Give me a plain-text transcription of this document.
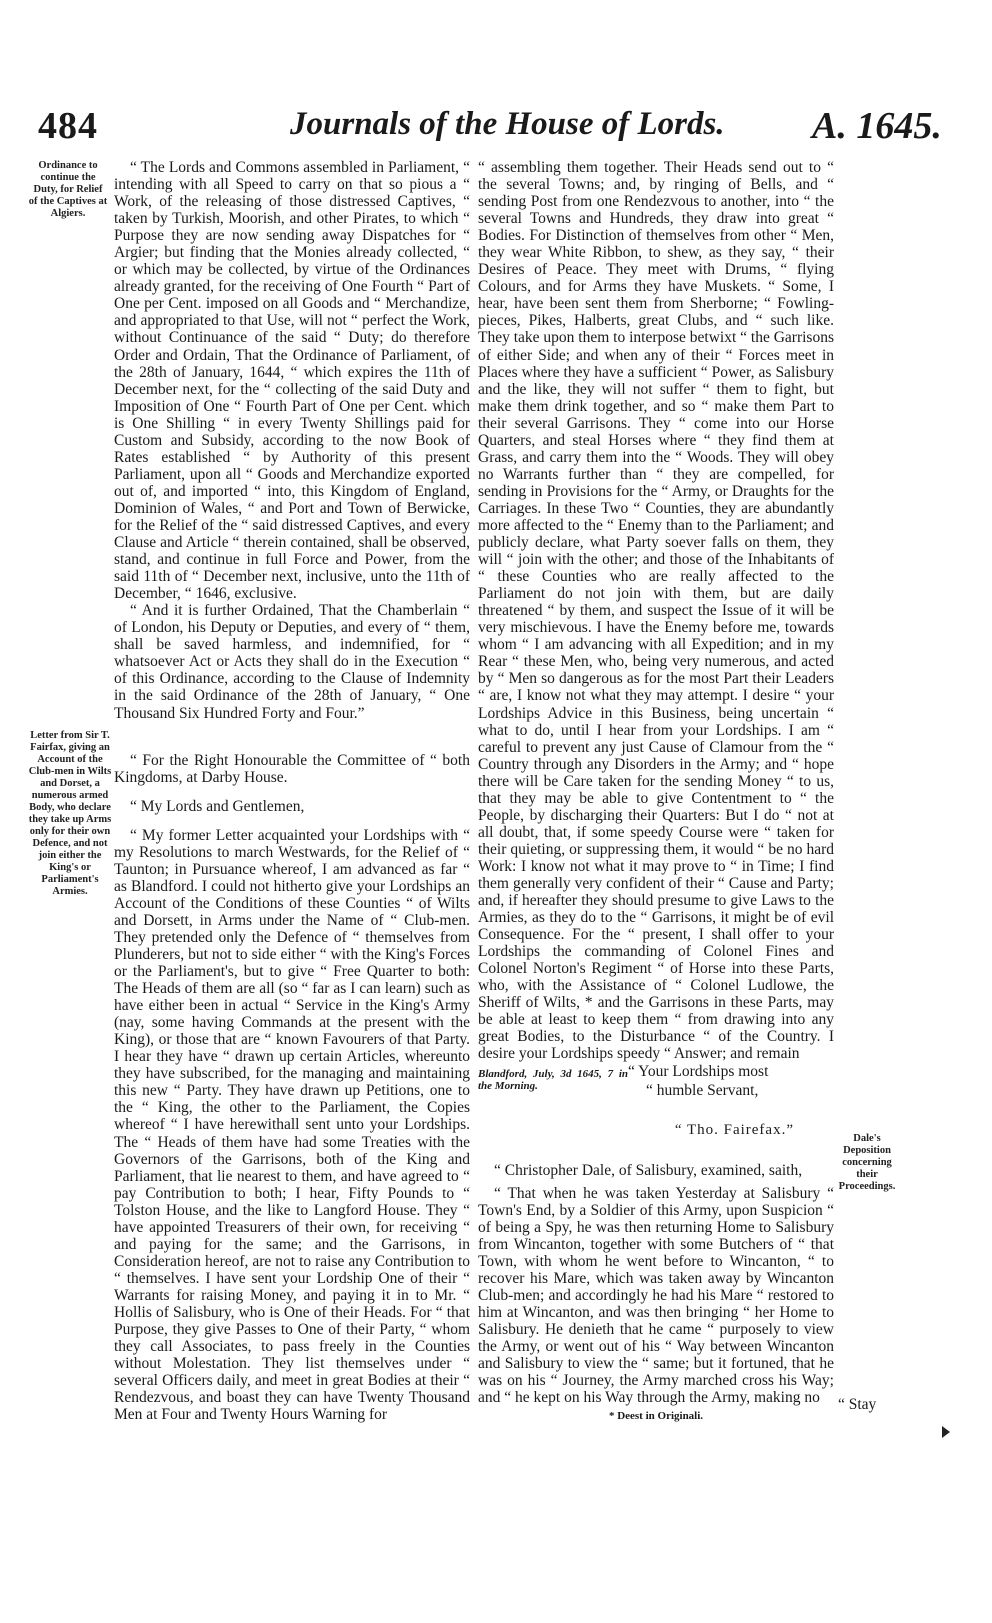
484	Journals of the House of Lords. A. 1645.
Ordinance to continue the Duty, for Relief of the Captives at Algiers.
Letter from Sir T. Fairfax, giving an Account of the Club-men in Wilts and Dorset, a numerous armed Body, who declare they take up Arms only for their own Defence, and not join either the King's or Parliament's Armies.
Dale's Deposition concerning their Proceedings.

“ The Lords and Commons assembled in Parliament, “ intending with all Speed to carry on that so pious a “ Work, of the releasing of those distressed Captives, “ taken by Turkish, Moorish, and other Pirates, to which “ Purpose they are now sending away Dispatches for “ Argier; but finding that the Monies already collected, “ or which may be collected, by virtue of the Ordinances already granted, for the receiving of One Fourth “ Part of One per Cent. imposed on all Goods and “ Merchandize, and appropriated to that Use, will not “ perfect the Work, without Continuance of the said “ Duty; do therefore Order and Ordain, That the Ordinance of Parliament, of the 28th of January, 1644, “ which expires the 11th of December next, for the “ collecting of the said Duty and Imposition of One “ Fourth Part of One per Cent. which is One Shilling “ in every Twenty Shillings paid for Custom and Subsidy, according to the now Book of Rates established “ by Authority of this present Parliament, upon all “ Goods and Merchandize exported out of, and imported “ into, this Kingdom of England, Dominion of Wales, “ and Port and Town of Berwicke, for the Relief of the “ said distressed Captives, and every Clause and Article “ therein contained, shall be observed, stand, and continue in full Force and Power, from the said 11th of “ December next, inclusive, unto the 11th of December, “ 1646, exclusive.

“ And it is further Ordained, That the Chamberlain “ of London, his Deputy or Deputies, and every of “ them, shall be saved harmless, and indemnified, for “ whatsoever Act or Acts they shall do in the Execution “ of this Ordinance, according to the Clause of Indemnity in the said Ordinance of the 28th of January, “ One Thousand Six Hundred Forty and Four.”

“ For the Right Honourable the Committee of “ both Kingdoms, at Darby House.

“ My Lords and Gentlemen,

“ My former Letter acquainted your Lordships with “ my Resolutions to march Westwards, for the Relief of “ Taunton; in Pursuance whereof, I am advanced as far “ as Blandford. I could not hitherto give your Lordships an Account of the Conditions of these Counties “ of Wilts and Dorsett, in Arms under the Name of “ Club-men. They pretended only the Defence of “ themselves from Plunderers, but not to side either “ with the King's Forces or the Parliament's, but to give “ Free Quarter to both: The Heads of them are all (so “ far as I can learn) such as have either been in actual “ Service in the King's Army (nay, some having Commands at the present with the King), or those that are “ known Favourers of that Party. I hear they have “ drawn up certain Articles, whereunto they have subscribed, for the managing and maintaining this new “ Party. They have drawn up Petitions, one to the “ King, the other to the Parliament, the Copies whereof “ I have herewithall sent unto your Lordships. The “ Heads of them have had some Treaties with the Governors of the Garrisons, both of the King and Parliament, that lie nearest to them, and have agreed to “ pay Contribution to both; I hear, Fifty Pounds to “ Tolston House, and the like to Langford House. They “ have appointed Treasurers of their own, for receiving “ and paying for the same; and the Garrisons, in Consideration hereof, are not to raise any Contribution to “ themselves. I have sent your Lordship One of their “ Warrants for raising Money, and paying it in to Mr. “ Hollis of Salisbury, who is One of their Heads. For “ that Purpose, they give Passes to One of their Party, “ whom they call Associates, to pass freely in the Counties without Molestation. They list themselves under “ several Officers daily, and meet in great Bodies at their “ Rendezvous, and boast they can have Twenty Thousand Men at Four and Twenty Hours Warning for

“ assembling them together. Their Heads send out to “ the several Towns; and, by ringing of Bells, and “ sending Post from one Rendezvous to another, into “ the several Towns and Hundreds, they draw into great “ Bodies. For Distinction of themselves from other “ Men, they wear White Ribbon, to shew, as they say, “ their Desires of Peace. They meet with Drums, “ flying Colours, and for Arms they have Muskets. “ Some, I hear, have been sent them from Sherborne; “ Fowling-pieces, Pikes, Halberts, great Clubs, and “ such like. They take upon them to interpose betwixt “ the Garrisons of either Side; and when any of their “ Forces meet in Places where they have a sufficient “ Power, as Salisbury and the like, they will not suffer “ them to fight, but make them drink together, and so “ make them Part to their several Garrisons. They “ come into our Horse Quarters, and steal Horses where “ they find them at Grass, and carry them into the “ Woods. They will obey no Warrants further than “ they are compelled, for sending in Provisions for the “ Army, or Draughts for the Carriages. In these Two “ Counties, they are abundantly more affected to the “ Enemy than to the Parliament; and publicly declare, what Party soever falls on them, they will “ join with the other; and those of the Inhabitants of “ these Counties who are really affected to the Parliament do not join with them, but are daily threatened “ by them, and suspect the Issue of it will be very mischievous. I have the Enemy before me, towards whom “ I am advancing with all Expedition; and in my Rear “ these Men, who, being very numerous, and acted by “ Men so dangerous as for the most Part their Leaders “ are, I know not what they may attempt. I desire “ your Lordships Advice in this Business, being uncertain “ what to do, until I hear from your Lordships. I am “ careful to prevent any just Cause of Clamour from the “ Country through any Disorders in the Army; and “ hope there will be Care taken for the sending Money “ to us, that they may be able to give Contentment to “ the People, by discharging their Quarters: But I do “ not at all doubt, that, if some speedy Course were “ taken for their quieting, or suppressing them, it would “ be no hard Work: I know not what it may prove to “ in Time; I find them generally very confident of their “ Cause and Party; and, if hereafter they should presume to give Laws to the Armies, as they do to the “ Garrisons, it might be of evil Consequence. For the “ present, I shall offer to your Lordships the commanding of Colonel Fines and Colonel Norton's Regiment “ of Horse into these Parts, who, with the Assistance of “ Colonel Ludlowe, the Sheriff of Wilts, * and the Garrisons in these Parts, may be able at least to keep them “ from drawing into any great Bodies, to the Disturbance “ of the Country. I desire your Lordships speedy “ Answer; and remain

Blandford, July, 3d 1645, 7 in the Morning.
“ Your Lordships most
“ humble Servant,
“ Tho. Fairefax.”

“ Christopher Dale, of Salisbury, examined, saith,

“ That when he was taken Yesterday at Salisbury “ Town's End, by a Soldier of this Army, upon Suspicion “ of being a Spy, he was then returning Home to Salisbury from Wincanton, together with some Butchers of “ that Town, with whom he went before to Wincanton, “ to recover his Mare, which was taken away by Wincanton Club-men; and accordingly he had his Mare “ restored to him at Wincanton, and was then bringing “ her Home to Salisbury. He denieth that he came “ purposely to view the Army, or went out of his “ Way between Wincanton and Salisbury to view the “ same; but it fortuned, that he was on his “ Journey, the Army marched cross his Way; and “ he kept on his Way through the Army, making no

* Deest in Originali.
“ Stay
